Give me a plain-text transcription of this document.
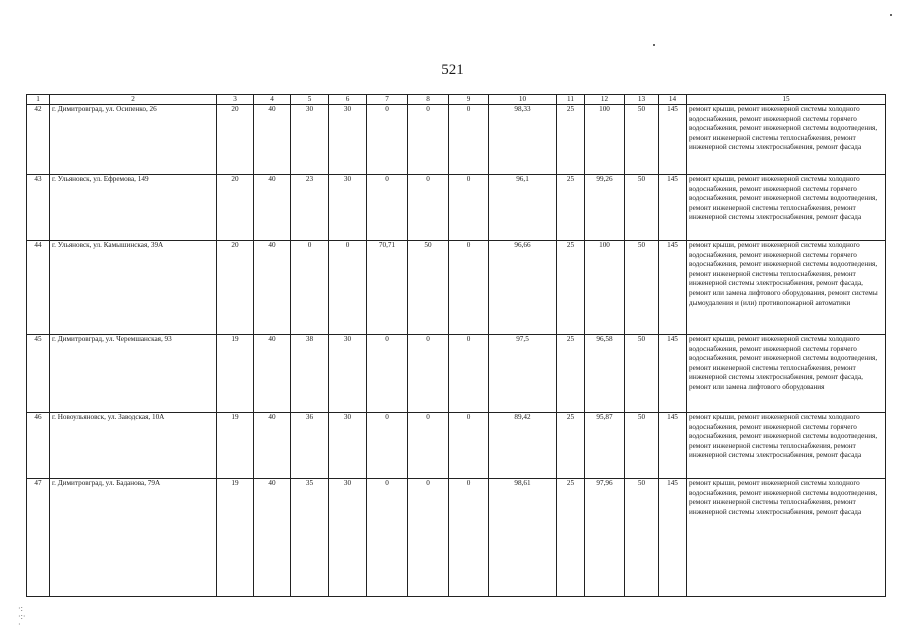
521
1	2	3	4	5	6	7	8	9	10	11	12	13	14	15
42	г. Димитровград, ул. Осипенко, 26	20	40	30	30	0	0	0	98,33	25	100	50	145	ремонт крыши, ремонт инженерной системы холодного водоснабжения, ремонт инженерной системы горячего водоснабжения, ремонт инженерной системы водоотведения, ремонт инженерной системы теплоснабжения, ремонт инженерной системы электроснабжения, ремонт фасада
43	г. Ульяновск, ул. Ефремова, 149	20	40	23	30	0	0	0	96,1	25	99,26	50	145	ремонт крыши, ремонт инженерной системы холодного водоснабжения, ремонт инженерной системы горячего водоснабжения, ремонт инженерной системы водоотведения, ремонт инженерной системы теплоснабжения, ремонт инженерной системы электроснабжения, ремонт фасада
44	г. Ульяновск, ул. Камышинская, 39А	20	40	0	0	70,71	50	0	96,66	25	100	50	145	ремонт крыши, ремонт инженерной системы холодного водоснабжения, ремонт инженерной системы горячего водоснабжения, ремонт инженерной системы водоотведения, ремонт инженерной системы теплоснабжения, ремонт инженерной системы электроснабжения, ремонт фасада, ремонт или замена лифтового оборудования, ремонт системы дымоудаления и (или) противопожарной автоматики
45	г. Димитровград, ул. Черемшанская, 93	19	40	38	30	0	0	0	97,5	25	96,58	50	145	ремонт крыши, ремонт инженерной системы холодного водоснабжения, ремонт инженерной системы горячего водоснабжения, ремонт инженерной системы водоотведения, ремонт инженерной системы теплоснабжения, ремонт инженерной системы электроснабжения, ремонт фасада, ремонт или замена лифтового оборудования
46	г. Новоульяновск, ул. Заводская, 10А	19	40	36	30	0	0	0	89,42	25	95,87	50	145	ремонт крыши, ремонт инженерной системы холодного водоснабжения, ремонт инженерной системы горячего водоснабжения, ремонт инженерной системы водоотведения, ремонт инженерной системы теплоснабжения, ремонт инженерной системы электроснабжения, ремонт фасада
47	г. Димитровград, ул. Баданова, 79А	19	40	35	30	0	0	0	98,61	25	97,96	50	145	ремонт крыши, ремонт инженерной системы холодного водоснабжения, ремонт инженерной системы водоотведения, ремонт инженерной системы теплоснабжения, ремонт инженерной системы электроснабжения, ремонт фасада
·:
·:·
·
